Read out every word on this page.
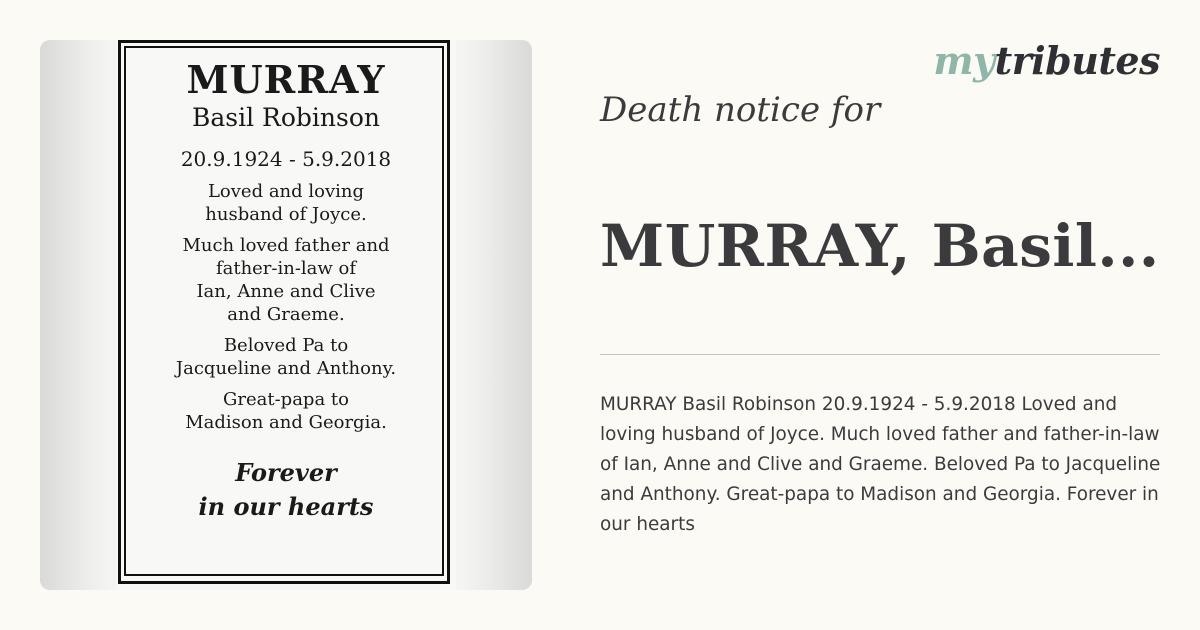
MURRAY
Basil Robinson
20.9.1924 - 5.9.2018
Loved and loving
husband of Joyce.
Much loved father and
father-in-law of
Ian, Anne and Clive
and Graeme.
Beloved Pa to
Jacqueline and Anthony.
Great-papa to
Madison and Georgia.
Forever
in our hearts
mytributes
Death notice for
MURRAY, Basil...
MURRAY Basil Robinson 20.9.1924 - 5.9.2018 Loved and loving husband of Joyce. Much loved father and father-in-law of Ian, Anne and Clive and Graeme. Beloved Pa to Jacqueline and Anthony. Great-papa to Madison and Georgia. Forever in our hearts
